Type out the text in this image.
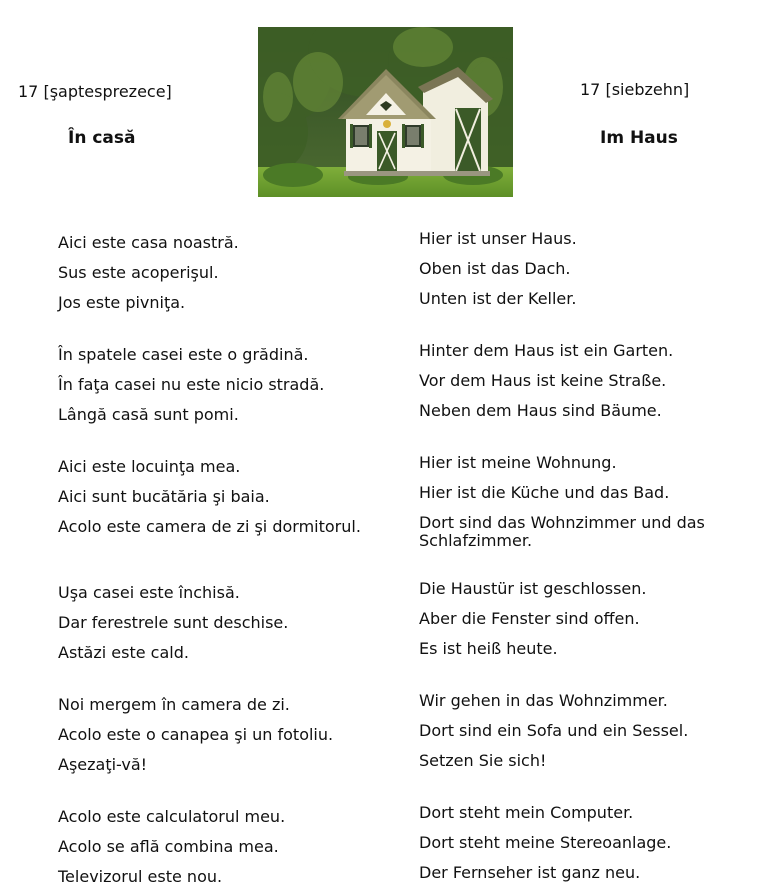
17 [şaptesprezece]
În casă
17 [siebzehn]
Im Haus
Aici este casa noastră.
Sus este acoperişul.
Jos este pivniţa.
În spatele casei este o grădină.
În faţa casei nu este nicio stradă.
Lângă casă sunt pomi.
Aici este locuinţa mea.
Aici sunt bucătăria şi baia.
Acolo este camera de zi şi dormitorul.
Uşa casei este închisă.
Dar ferestrele sunt deschise.
Astăzi este cald.
Noi mergem în camera de zi.
Acolo este o canapea şi un fotoliu.
Aşezaţi-vă!
Acolo este calculatorul meu.
Acolo se află combina mea.
Televizorul este nou.
Hier ist unser Haus.
Oben ist das Dach.
Unten ist der Keller.
Hinter dem Haus ist ein Garten.
Vor dem Haus ist keine Straße.
Neben dem Haus sind Bäume.
Hier ist meine Wohnung.
Hier ist die Küche und das Bad.
Dort sind das Wohnzimmer und das Schlafzimmer.
Die Haustür ist geschlossen.
Aber die Fenster sind offen.
Es ist heiß heute.
Wir gehen in das Wohnzimmer.
Dort sind ein Sofa und ein Sessel.
Setzen Sie sich!
Dort steht mein Computer.
Dort steht meine Stereoanlage.
Der Fernseher ist ganz neu.
